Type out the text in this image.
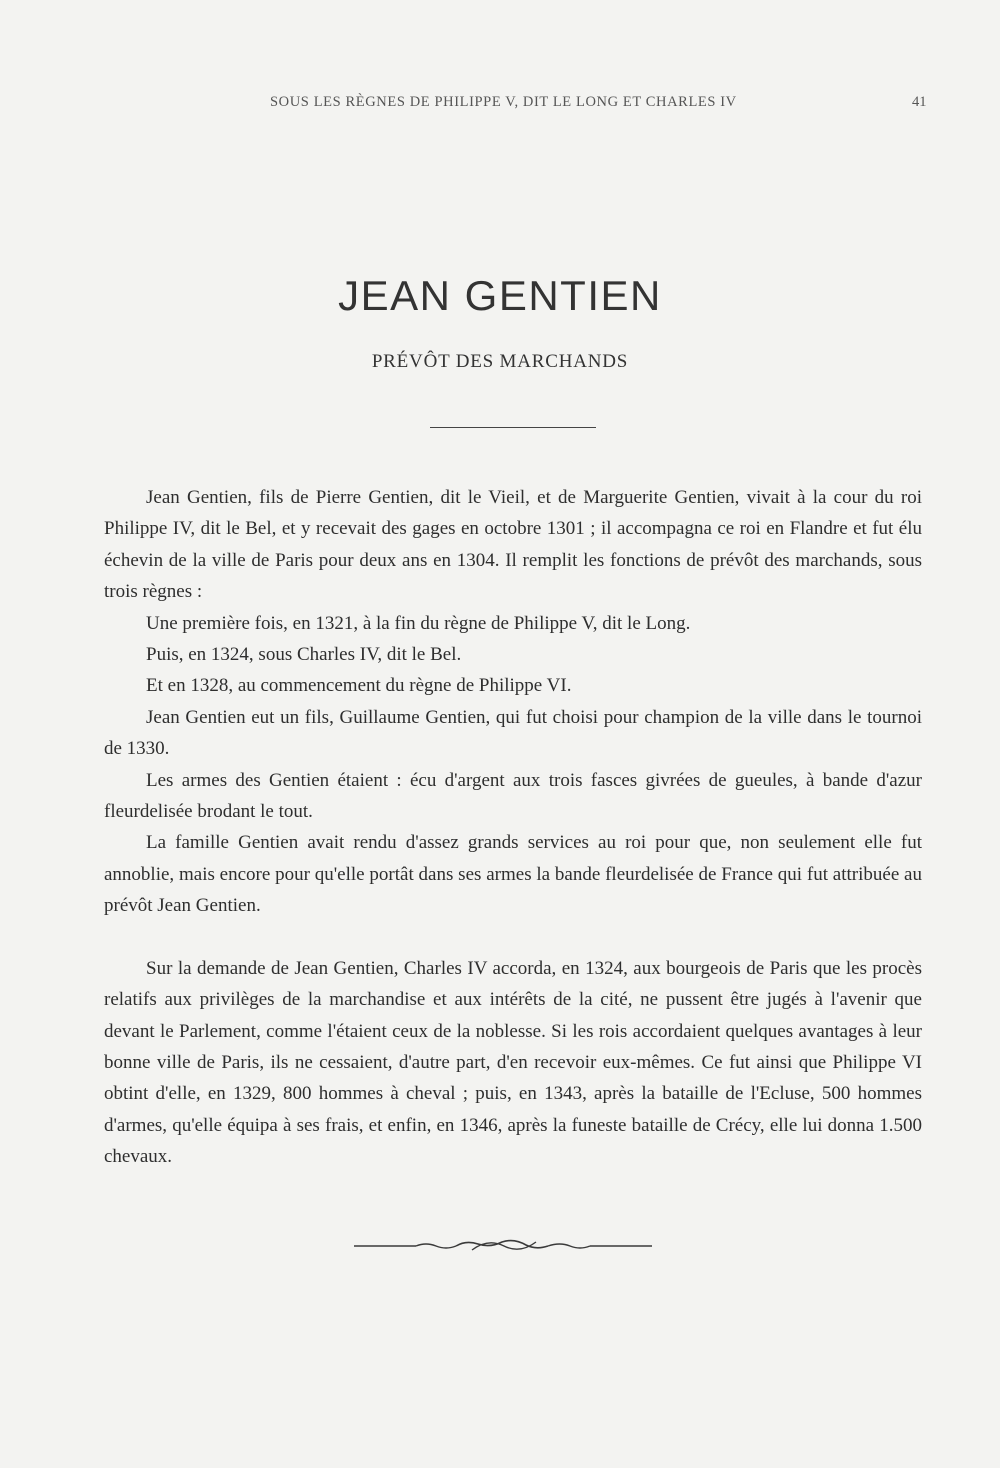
SOUS LES RÈGNES DE PHILIPPE V, DIT LE LONG ET CHARLES IV	41
JEAN GENTIEN
PRÉVÔT DES MARCHANDS

Jean Gentien, fils de Pierre Gentien, dit le Vieil, et de Marguerite Gentien, vivait à la cour du roi Philippe IV, dit le Bel, et y recevait des gages en octobre 1301 ; il accompagna ce roi en Flandre et fut élu échevin de la ville de Paris pour deux ans en 1304. Il remplit les fonctions de prévôt des marchands, sous trois règnes :

Une première fois, en 1321, à la fin du règne de Philippe V, dit le Long.

Puis, en 1324, sous Charles IV, dit le Bel.

Et en 1328, au commencement du règne de Philippe VI.

Jean Gentien eut un fils, Guillaume Gentien, qui fut choisi pour champion de la ville dans le tournoi de 1330.

Les armes des Gentien étaient : écu d'argent aux trois fasces givrées de gueules, à bande d'azur fleurdelisée brodant le tout.

La famille Gentien avait rendu d'assez grands services au roi pour que, non seulement elle fut annoblie, mais encore pour qu'elle portât dans ses armes la bande fleurdelisée de France qui fut attribuée au prévôt Jean Gentien.

Sur la demande de Jean Gentien, Charles IV accorda, en 1324, aux bourgeois de Paris que les procès relatifs aux privilèges de la marchandise et aux intérêts de la cité, ne pussent être jugés à l'avenir que devant le Parlement, comme l'étaient ceux de la noblesse. Si les rois accordaient quelques avantages à leur bonne ville de Paris, ils ne cessaient, d'autre part, d'en recevoir eux-mêmes. Ce fut ainsi que Philippe VI obtint d'elle, en 1329, 800 hommes à cheval ; puis, en 1343, après la bataille de l'Ecluse, 500 hommes d'armes, qu'elle équipa à ses frais, et enfin, en 1346, après la funeste bataille de Crécy, elle lui donna 1.500 chevaux.
